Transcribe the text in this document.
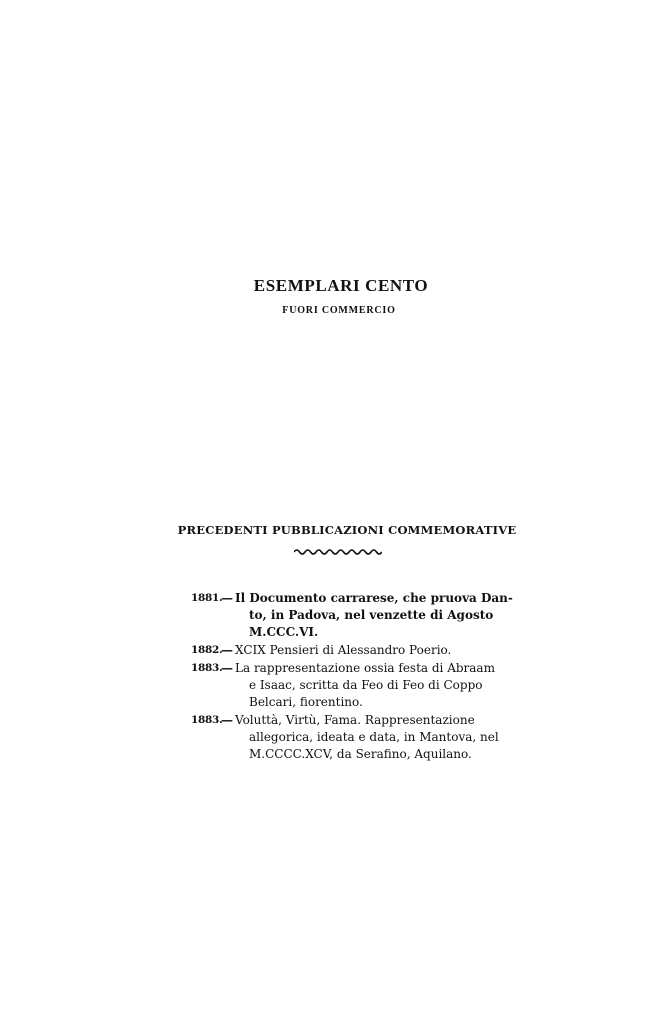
ESEMPLARI CENTO
FUORI COMMERCIO
PRECEDENTI PUBBLICAZIONI COMMEMORATIVE
1881.
— Il Documento carrarese, che pruova Dan-
to, in Padova, nel venzette di Agosto
M.CCC.VI.
1882.
— XCIX Pensieri di Alessandro Poerio.
1883.
— La rappresentazione ossia festa di Abraam
e Isaac, scritta da Feo di Feo di Coppo
Belcari, fiorentino.
1883.
— Voluttà, Virtù, Fama. Rappresentazione
allegorica, ideata e data, in Mantova, nel
M.CCCC.XCV, da Serafino, Aquilano.
